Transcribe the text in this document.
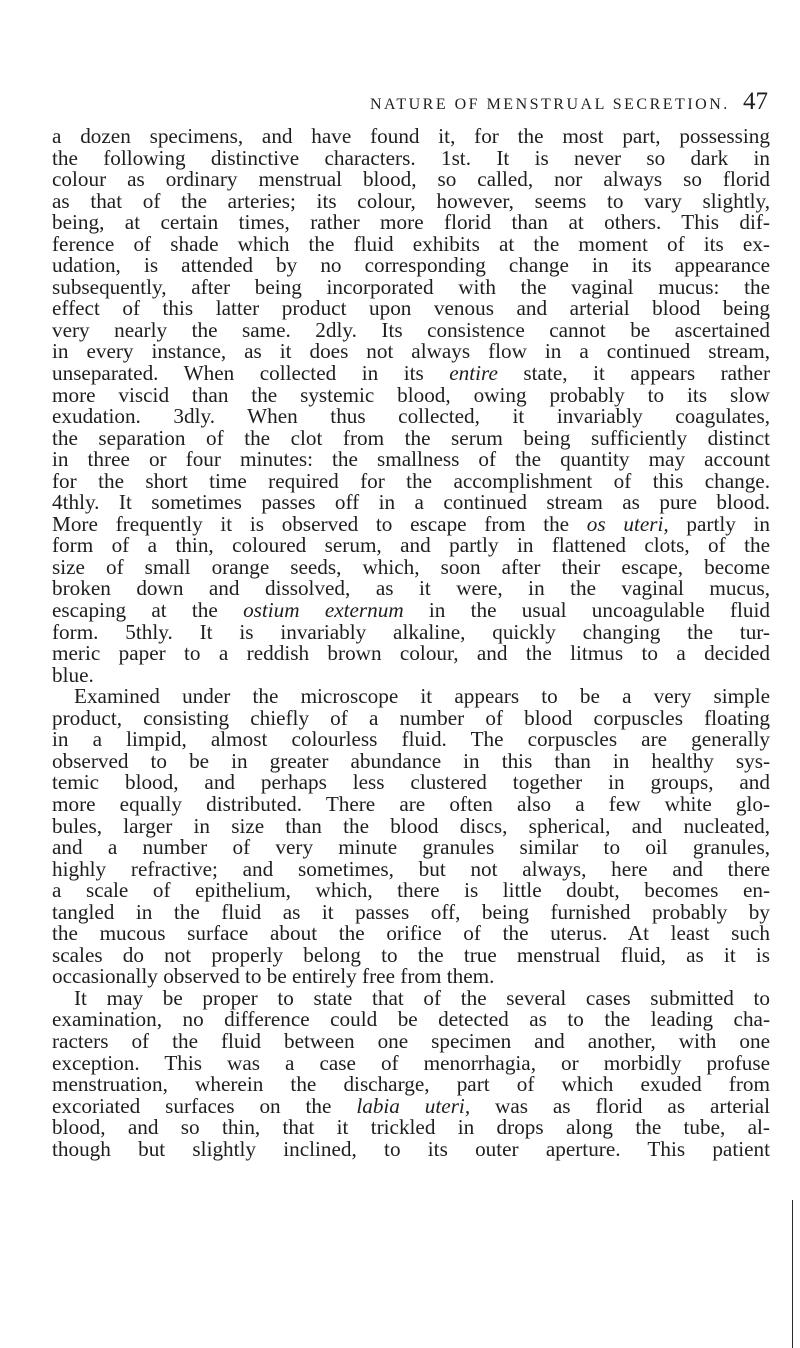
NATURE OF MENSTRUAL SECRETION. 47
a dozen specimens, and have found it, for the most part, possessing
the following distinctive characters. 1st. It is never so dark in
colour as ordinary menstrual blood, so called, nor always so florid
as that of the arteries; its colour, however, seems to vary slightly,
being, at certain times, rather more florid than at others. This dif-
ference of shade which the fluid exhibits at the moment of its ex-
udation, is attended by no corresponding change in its appearance
subsequently, after being incorporated with the vaginal mucus: the
effect of this latter product upon venous and arterial blood being
very nearly the same. 2dly. Its consistence cannot be ascertained
in every instance, as it does not always flow in a continued stream,
unseparated. When collected in its entire state, it appears rather
more viscid than the systemic blood, owing probably to its slow
exudation. 3dly. When thus collected, it invariably coagulates,
the separation of the clot from the serum being sufficiently distinct
in three or four minutes: the smallness of the quantity may account
for the short time required for the accomplishment of this change.
4thly. It sometimes passes off in a continued stream as pure blood.
More frequently it is observed to escape from the os uteri, partly in
form of a thin, coloured serum, and partly in flattened clots, of the
size of small orange seeds, which, soon after their escape, become
broken down and dissolved, as it were, in the vaginal mucus,
escaping at the ostium externum in the usual uncoagulable fluid
form. 5thly. It is invariably alkaline, quickly changing the tur-
meric paper to a reddish brown colour, and the litmus to a decided
blue.
Examined under the microscope it appears to be a very simple
product, consisting chiefly of a number of blood corpuscles floating
in a limpid, almost colourless fluid. The corpuscles are generally
observed to be in greater abundance in this than in healthy sys-
temic blood, and perhaps less clustered together in groups, and
more equally distributed. There are often also a few white glo-
bules, larger in size than the blood discs, spherical, and nucleated,
and a number of very minute granules similar to oil granules,
highly refractive; and sometimes, but not always, here and there
a scale of epithelium, which, there is little doubt, becomes en-
tangled in the fluid as it passes off, being furnished probably by
the mucous surface about the orifice of the uterus. At least such
scales do not properly belong to the true menstrual fluid, as it is
occasionally observed to be entirely free from them.
It may be proper to state that of the several cases submitted to
examination, no difference could be detected as to the leading cha-
racters of the fluid between one specimen and another, with one
exception. This was a case of menorrhagia, or morbidly profuse
menstruation, wherein the discharge, part of which exuded from
excoriated surfaces on the labia uteri, was as florid as arterial
blood, and so thin, that it trickled in drops along the tube, al-
though but slightly inclined, to its outer aperture. This patient
